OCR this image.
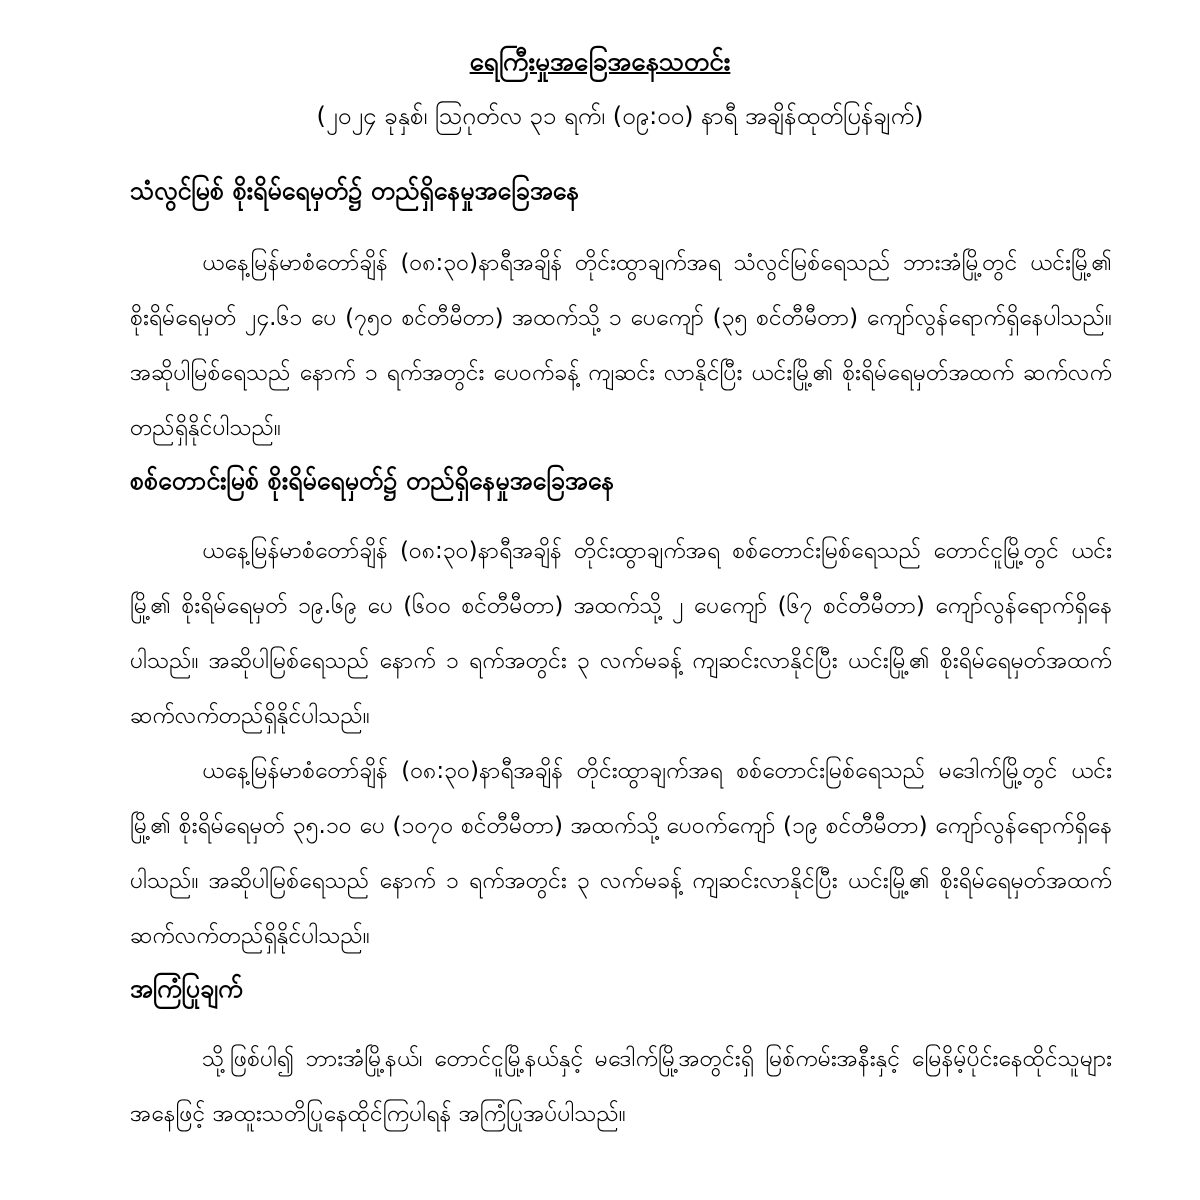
ရေကြီးမှုအခြေအနေသတင်း
(၂၀၂၄ ခုနှစ်၊ ဩဂုတ်လ ၃၁ ရက်၊ (၀၉:၀၀) နာရီ အချိန်ထုတ်ပြန်ချက်)
သံလွင်မြစ် စိုးရိမ်ရေမှတ်၌ တည်ရှိနေမှုအခြေအနေ
ယနေ့မြန်မာစံတော်ချိန် (၀၈:၃၀)နာရီအချိန် တိုင်းထွာချက်အရ သံလွင်မြစ်ရေသည် ဘားအံမြို့တွင် ယင်းမြို့၏ စိုးရိမ်ရေမှတ် ၂၄.၆၁ ပေ (၇၅၀ စင်တီမီတာ) အထက်သို့ ၁ ပေကျော် (၃၅ စင်တီမီတာ) ကျော်လွန်ရောက်ရှိနေပါသည်။ အဆိုပါမြစ်ရေသည် နောက် ၁ ရက်အတွင်း ပေဝက်ခန့် ကျဆင်း လာနိုင်ပြီး ယင်းမြို့၏ စိုးရိမ်ရေမှတ်အထက် ဆက်လက်တည်ရှိနိုင်ပါသည်။
စစ်တောင်းမြစ် စိုးရိမ်ရေမှတ်၌ တည်ရှိနေမှုအခြေအနေ
ယနေ့မြန်မာစံတော်ချိန် (၀၈:၃၀)နာရီအချိန် တိုင်းထွာချက်အရ စစ်တောင်းမြစ်ရေသည် တောင်ငူမြို့တွင် ယင်းမြို့၏ စိုးရိမ်ရေမှတ် ၁၉.၆၉ ပေ (၆၀၀ စင်တီမီတာ) အထက်သို့ ၂ ပေကျော် (၆၇ စင်တီမီတာ) ကျော်လွန်ရောက်ရှိနေပါသည်။ အဆိုပါမြစ်ရေသည် နောက် ၁ ရက်အတွင်း ၃ လက်မခန့် ကျဆင်းလာနိုင်ပြီး ယင်းမြို့၏ စိုးရိမ်ရေမှတ်အထက် ဆက်လက်တည်ရှိနိုင်ပါသည်။
ယနေ့မြန်မာစံတော်ချိန် (၀၈:၃၀)နာရီအချိန် တိုင်းထွာချက်အရ စစ်တောင်းမြစ်ရေသည် မဒေါက်မြို့တွင် ယင်းမြို့၏ စိုးရိမ်ရေမှတ် ၃၅.၁၀ ပေ (၁၀၇၀ စင်တီမီတာ) အထက်သို့ ပေဝက်ကျော် (၁၉ စင်တီမီတာ) ကျော်လွန်ရောက်ရှိနေပါသည်။ အဆိုပါမြစ်ရေသည် နောက် ၁ ရက်အတွင်း ၃ လက်မခန့် ကျဆင်းလာနိုင်ပြီး ယင်းမြို့၏ စိုးရိမ်ရေမှတ်အထက် ဆက်လက်တည်ရှိနိုင်ပါသည်။
အကြံပြုချက်
သို့ဖြစ်ပါ၍ ဘားအံမြို့နယ်၊ တောင်ငူမြို့နယ်နှင့် မဒေါက်မြို့အတွင်းရှိ မြစ်ကမ်းအနီးနှင့် မြေနိမ့်ပိုင်းနေထိုင်သူများအနေဖြင့် အထူးသတိပြုနေထိုင်ကြပါရန် အကြံပြုအပ်ပါသည်။
